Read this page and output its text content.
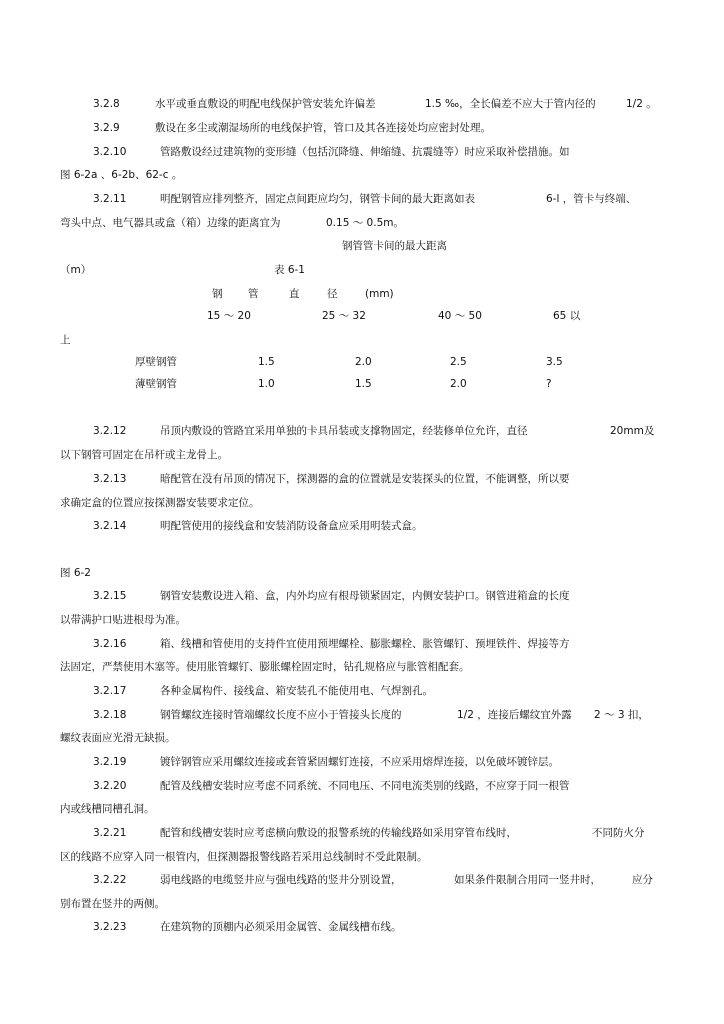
3.2.8	水平或垂直敷设的明配电线保护管安装允许偏差	1.5 ‰，全长偏差不应大于管内径的	1/2 。
3.2.9	敷设在多尘或潮湿场所的电线保护管，管口及其各连接处均应密封处理。
3.2.10	管路敷设经过建筑物的变形缝（包括沉降缝、伸缩缝、抗震缝等）时应采取补偿措施。如
图 6-2a 、6-2b、62-c 。
3.2.11	明配钢管应排列整齐，固定点间距应均匀，钢管卡间的最大距离如表	6-l ，管卡与终端、
弯头中点、电气器具或盒（箱）边缘的距离宜为	0.15 ～ 0.5m。
钢管管卡间的最大距离
（m）	表 6-1
钢 管	直	径	(mm)
15 ～ 20	25 ～ 32	40 ～ 50	65 以
上
厚壁钢管	1.5	2.0	2.5	3.5
薄壁钢管	1.0	1.5	2.0	?
3.2.12	吊顶内敷设的管路宜采用单独的卡具吊装或支撑物固定，经装修单位允许，直径	20mm及
以下钢管可固定在吊杆或主龙骨上。
3.2.13	暗配管在没有吊顶的情况下，探测器的盒的位置就是安装探头的位置，不能调整，所以要
求确定盒的位置应按探测器安装要求定位。
3.2.14	明配管使用的接线盒和安装消防设备盒应采用明装式盒。
图 6-2
3.2.15	钢管安装敷设进入箱、盒，内外均应有根母锁紧固定，内侧安装护口。钢管进箱盒的长度
以带满护口贴进根母为准。
3.2.16	箱、线槽和管使用的支持件宜使用预埋螺栓、膨胀螺栓、胀管螺钉、预埋铁件、焊接等方
法固定，严禁使用木塞等。使用胀管螺钉、膨胀螺栓固定时，钻孔规格应与胀管相配套。
3.2.17	各种金属构件、接线盒、箱安装孔不能使用电、气焊割孔。
3.2.18	钢管螺纹连接时管端螺纹长度不应小于管接头长度的	1/2 ，连接后螺纹宜外露 2 ～ 3 扣，
螺纹表面应光滑无缺损。
3.2.19	镀锌钢管应采用螺纹连接或套管紧固螺钉连接，不应采用熔焊连接，以免破坏镀锌层。
3.2.20	配管及线槽安装时应考虑不同系统、不同电压、不同电流类别的线路，不应穿于同一根管
内或线槽同槽孔洞。
3.2.21	配管和线槽安装时应考虑横向敷设的报警系统的传输线路如采用穿管布线时，	不同防火分
区的线路不应穿入同一根管内，但探测器报警线路若采用总线制时不受此限制。
3.2.22	弱电线路的电缆竖井应与强电线路的竖井分别设置，	如果条件限制合用同一竖井时，	应分
别布置在竖井的两侧。
3.2.23	在建筑物的顶棚内必须采用金属管、金属线槽布线。
